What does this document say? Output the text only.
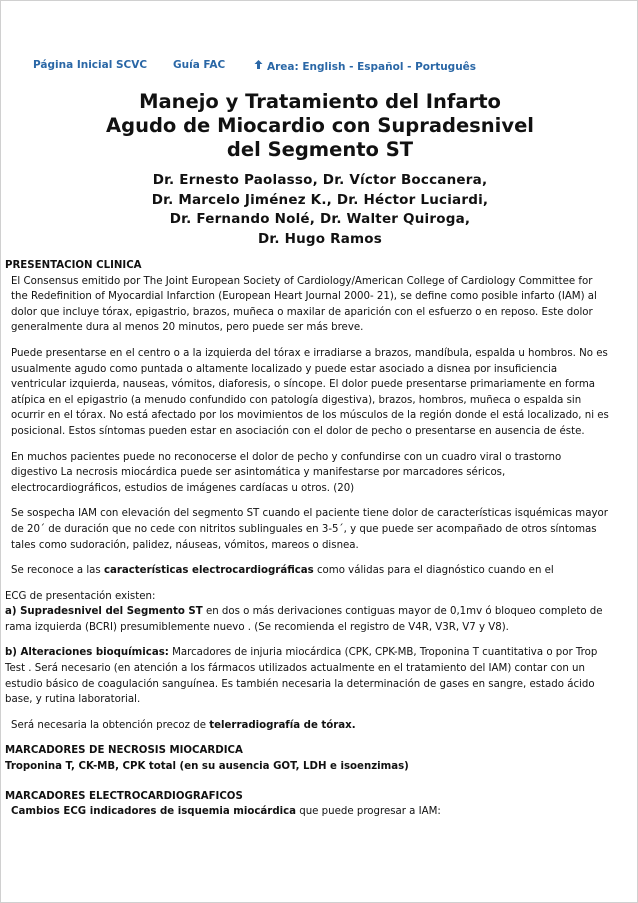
Página Inicial SCVC Guía FAC	Area: English - Español - Português
Manejo y Tratamiento del Infarto
Agudo de Miocardio con Supradesnivel
del Segmento ST
Dr. Ernesto Paolasso, Dr. Víctor Boccanera,
Dr. Marcelo Jiménez K., Dr. Héctor Luciardi,
Dr. Fernando Nolé, Dr. Walter Quiroga,
Dr. Hugo Ramos

PRESENTACION CLINICA

El Consensus emitido por The Joint European Society of Cardiology/American College of Cardiology Committee for the Redefinition of Myocardial Infarction (European Heart Journal 2000- 21), se define como posible infarto (IAM) al dolor que incluye tórax, epigastrio, brazos, muñeca o maxilar de aparición con el esfuerzo o en reposo. Este dolor generalmente dura al menos 20 minutos, pero puede ser más breve.

Puede presentarse en el centro o a la izquierda del tórax e irradiarse a brazos, mandíbula, espalda u hombros. No es usualmente agudo como puntada o altamente localizado y puede estar asociado a disnea por insuficiencia ventricular izquierda, nauseas, vómitos, diaforesis, o síncope. El dolor puede presentarse primariamente en forma atípica en el epigastrio (a menudo confundido con patología digestiva), brazos, hombros, muñeca o espalda sin ocurrir en el tórax. No está afectado por los movimientos de los músculos de la región donde el está localizado, ni es posicional. Estos síntomas pueden estar en asociación con el dolor de pecho o presentarse en ausencia de éste.

En muchos pacientes puede no reconocerse el dolor de pecho y confundirse con un cuadro viral o trastorno digestivo La necrosis miocárdica puede ser asintomática y manifestarse por marcadores séricos, electrocardiográficos, estudios de imágenes cardíacas u otros. (20)

Se sospecha IAM con elevación del segmento ST cuando el paciente tiene dolor de características isquémicas mayor de 20´ de duración que no cede con nitritos sublinguales en 3-5´, y que puede ser acompañado de otros síntomas tales como sudoración, palidez, náuseas, vómitos, mareos o disnea.

Se reconoce a las características electrocardiográficas como válidas para el diagnóstico cuando en el

ECG de presentación existen:

a) Supradesnivel del Segmento ST en dos o más derivaciones contiguas mayor de 0,1mv ó bloqueo completo de rama izquierda (BCRI) presumiblemente nuevo . (Se recomienda el registro de V4R, V3R, V7 y V8).

b) Alteraciones bioquímicas: Marcadores de injuria miocárdica (CPK, CPK-MB, Troponina T cuantitativa o por Trop Test . Será necesario (en atención a los fármacos utilizados actualmente en el tratamiento del IAM) contar con un estudio básico de coagulación sanguínea. Es también necesaria la determinación de gases en sangre, estado ácido base, y rutina laboratorial.

Será necesaria la obtención precoz de telerradiografía de tórax.

MARCADORES DE NECROSIS MIOCARDICA

Troponina T, CK-MB, CPK total (en su ausencia GOT, LDH e isoenzimas)

MARCADORES ELECTROCARDIOGRAFICOS

Cambios ECG indicadores de isquemia miocárdica que puede progresar a IAM:
